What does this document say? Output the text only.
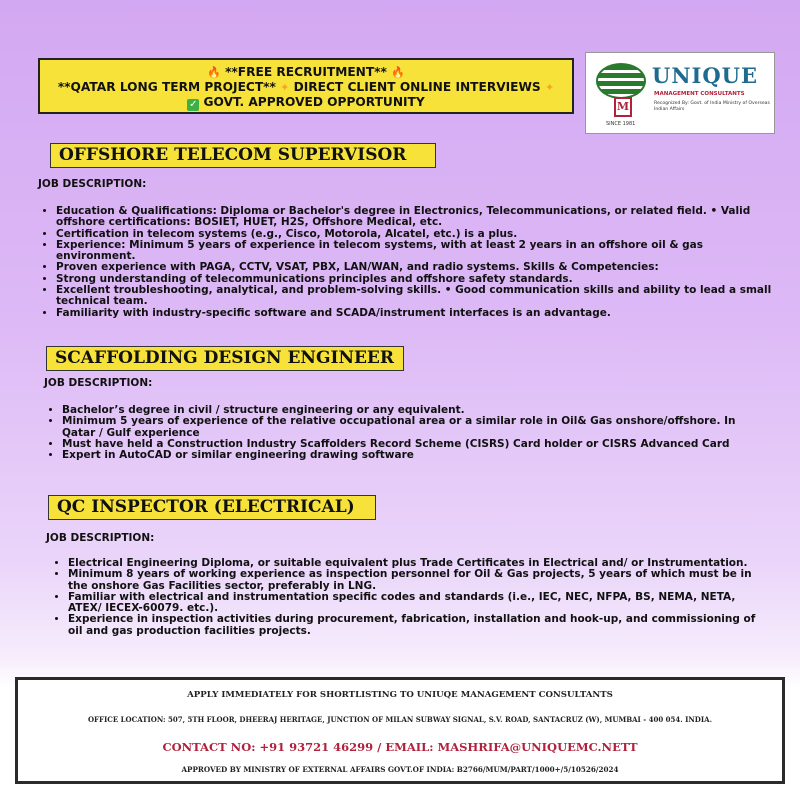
🔥 **FREE RECRUITMENT** 🔥
**QATAR LONG TERM PROJECT** ✦ DIRECT CLIENT ONLINE INTERVIEWS ✦
✓ GOVT. APPROVED OPPORTUNITY	M
SINCE 1981
UNIQUE
MANAGEMENT CONSULTANTS
Recognized By: Govt. of India Ministry of Overseas Indian Affairs
OFFSHORE TELECOM SUPERVISOR
JOB DESCRIPTION:
• Education & Qualifications: Diploma or Bachelor's degree in Electronics, Telecommunications, or related field. • Valid offshore certifications: BOSIET, HUET, H2S, Offshore Medical, etc.
• Certification in telecom systems (e.g., Cisco, Motorola, Alcatel, etc.) is a plus.
• Experience: Minimum 5 years of experience in telecom systems, with at least 2 years in an offshore oil & gas environment.
• Proven experience with PAGA, CCTV, VSAT, PBX, LAN/WAN, and radio systems. Skills & Competencies:
• Strong understanding of telecommunications principles and offshore safety standards.
• Excellent troubleshooting, analytical, and problem-solving skills. • Good communication skills and ability to lead a small technical team.
• Familiarity with industry-specific software and SCADA/instrument interfaces is an advantage.
SCAFFOLDING DESIGN ENGINEER
JOB DESCRIPTION:
• Bachelor’s degree in civil / structure engineering or any equivalent.
• Minimum 5 years of experience of the relative occupational area or a similar role in Oil& Gas onshore/offshore. In Qatar / Gulf experience
• Must have held a Construction Industry Scaffolders Record Scheme (CISRS) Card holder or CISRS Advanced Card
• Expert in AutoCAD or similar engineering drawing software
QC INSPECTOR (ELECTRICAL)
JOB DESCRIPTION:
• Electrical Engineering Diploma, or suitable equivalent plus Trade Certificates in Electrical and/ or Instrumentation.
• Minimum 8 years of working experience as inspection personnel for Oil & Gas projects, 5 years of which must be in the onshore Gas Facilities sector, preferably in LNG.
• Familiar with electrical and instrumentation specific codes and standards (i.e., IEC, NEC, NFPA, BS, NEMA, NETA, ATEX/ IECEX-60079. etc.).
• Experience in inspection activities during procurement, fabrication, installation and hook-up, and commissioning of oil and gas production facilities projects.
APPLY IMMEDIATELY FOR SHORTLISTING TO UNIUQE MANAGEMENT CONSULTANTS
OFFICE LOCATION: 507, 5TH FLOOR, DHEERAJ HERITAGE, JUNCTION OF MILAN SUBWAY SIGNAL, S.V. ROAD, SANTACRUZ (W), MUMBAI - 400 054. INDIA.
CONTACT NO: +91 93721 46299 / EMAIL: MASHRIFA@UNIQUEMC.NETT
APPROVED BY MINISTRY OF EXTERNAL AFFAIRS GOVT.OF INDIA: B2766/MUM/PART/1000+/5/10526/2024
